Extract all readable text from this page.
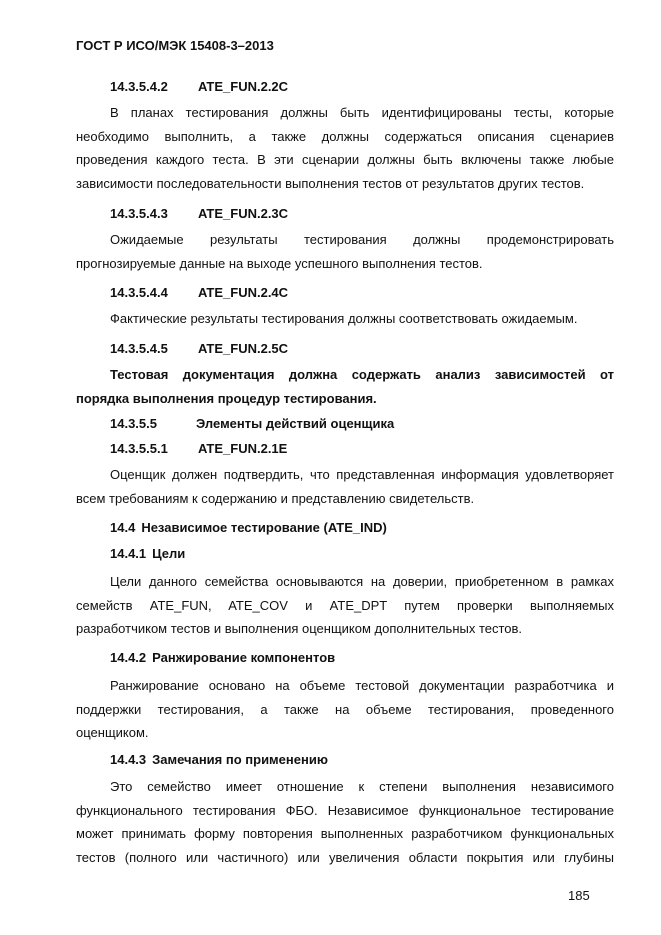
ГОСТ Р ИСО/МЭК 15408-3–2013
14.3.5.4.2 ATE_FUN.2.2C
В планах тестирования должны быть идентифицированы тесты, которые
необходимо выполнить, а также должны содержаться описания сценариев
проведения каждого теста. В эти сценарии должны быть включены также любые
зависимости последовательности выполнения тестов от результатов других тестов.
14.3.5.4.3 ATE_FUN.2.3C
Ожидаемые результаты тестирования должны продемонстрировать
прогнозируемые данные на выходе успешного выполнения тестов.
14.3.5.4.4 ATE_FUN.2.4C
Фактические результаты тестирования должны соответствовать ожидаемым.
14.3.5.4.5 ATE_FUN.2.5C
Тестовая документация должна содержать анализ зависимостей от
порядка выполнения процедур тестирования.
14.3.5.5	Элементы действий оценщика
14.3.5.5.1 ATE_FUN.2.1E
Оценщик должен подтвердить, что представленная информация удовлетворяет
всем требованиям к содержанию и представлению свидетельств.
14.4 Независимое тестирование (ATE_IND)
14.4.1 Цели
Цели данного семейства основываются на доверии, приобретенном в рамках
семейств ATE_FUN, ATE_COV и ATE_DPT путем проверки выполняемых
разработчиком тестов и выполнения оценщиком дополнительных тестов.
14.4.2 Ранжирование компонентов
Ранжирование основано на объеме тестовой документации разработчика и
поддержки тестирования, а также на объеме тестирования, проведенного
оценщиком.
14.4.3 Замечания по применению
Это семейство имеет отношение к степени выполнения независимого
функционального тестирования ФБО. Независимое функциональное тестирование
может принимать форму повторения выполненных разработчиком функциональных
тестов (полного или частичного) или увеличения области покрытия или глубины
185
